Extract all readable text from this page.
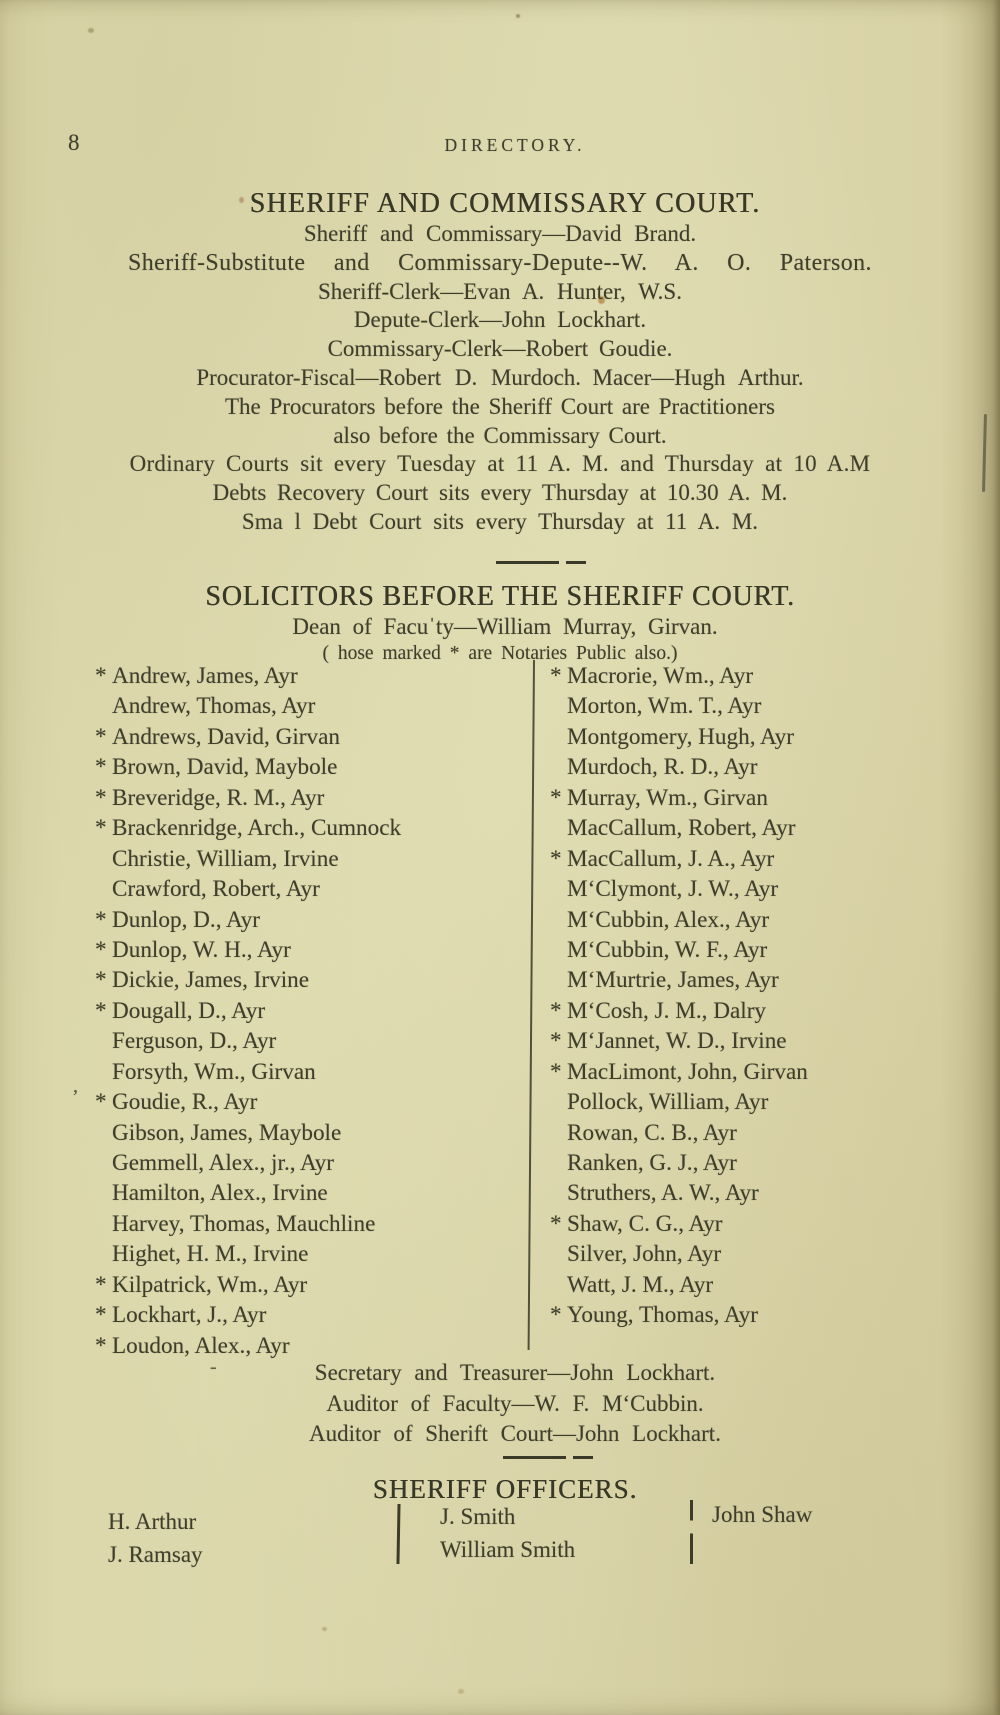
8	DIRECTORY.
SHERIFF AND COMMISSARY COURT.
Sheriff and Commissary—David Brand.
Sheriff-Substitute and Commissary-Depute--W. A. O. Paterson.
Sheriff-Clerk—Evan A. Hunter, W.S.
Depute-Clerk—John Lockhart.
Commissary-Clerk—Robert Goudie.
Procurator-Fiscal—Robert D. Murdoch. Macer—Hugh Arthur.
The Procurators before the Sheriff Court are Practitioners
also before the Commissary Court.
Ordinary Courts sit every Tuesday at 11 A. M. and Thursday at 10 A.M
Debts Recovery Court sits every Thursday at 10.30 A. M.
Sma l Debt Court sits every Thursday at 11 A. M.
SOLICITORS BEFORE THE SHERIFF COURT.
Dean of Facuˈty—William Murray, Girvan.
( hose marked * are Notaries Public also.)
* Andrew, James, Ayr
Andrew, Thomas, Ayr
* Andrews, David, Girvan
* Brown, David, Maybole
* Breveridge, R. M., Ayr
* Brackenridge, Arch., Cumnock
Christie, William, Irvine
Crawford, Robert, Ayr
* Dunlop, D., Ayr
* Dunlop, W. H., Ayr
* Dickie, James, Irvine
* Dougall, D., Ayr
Ferguson, D., Ayr
Forsyth, Wm., Girvan
* Goudie, R., Ayr
Gibson, James, Maybole
Gemmell, Alex., jr., Ayr
Hamilton, Alex., Irvine
Harvey, Thomas, Mauchline
Highet, H. M., Irvine
* Kilpatrick, Wm., Ayr
* Lockhart, J., Ayr
* Loudon, Alex., Ayr
* Macrorie, Wm., Ayr
Morton, Wm. T., Ayr
Montgomery, Hugh, Ayr
Murdoch, R. D., Ayr
* Murray, Wm., Girvan
MacCallum, Robert, Ayr
* MacCallum, J. A., Ayr
M‘Clymont, J. W., Ayr
M‘Cubbin, Alex., Ayr
M‘Cubbin, W. F., Ayr
M‘Murtrie, James, Ayr
* M‘Cosh, J. M., Dalry
* M‘Jannet, W. D., Irvine
* MacLimont, John, Girvan
Pollock, William, Ayr
Rowan, C. B., Ayr
Ranken, G. J., Ayr
Struthers, A. W., Ayr
* Shaw, C. G., Ayr
Silver, John, Ayr
Watt, J. M., Ayr
* Young, Thomas, Ayr
’
-	Secretary and Treasurer—John Lockhart.
Auditor of Faculty—W. F. M‘Cubbin.
Auditor of Sherift Court—John Lockhart.
SHERIFF OFFICERS.
H. Arthur
J. Ramsay
J. Smith
William Smith
John Shaw
